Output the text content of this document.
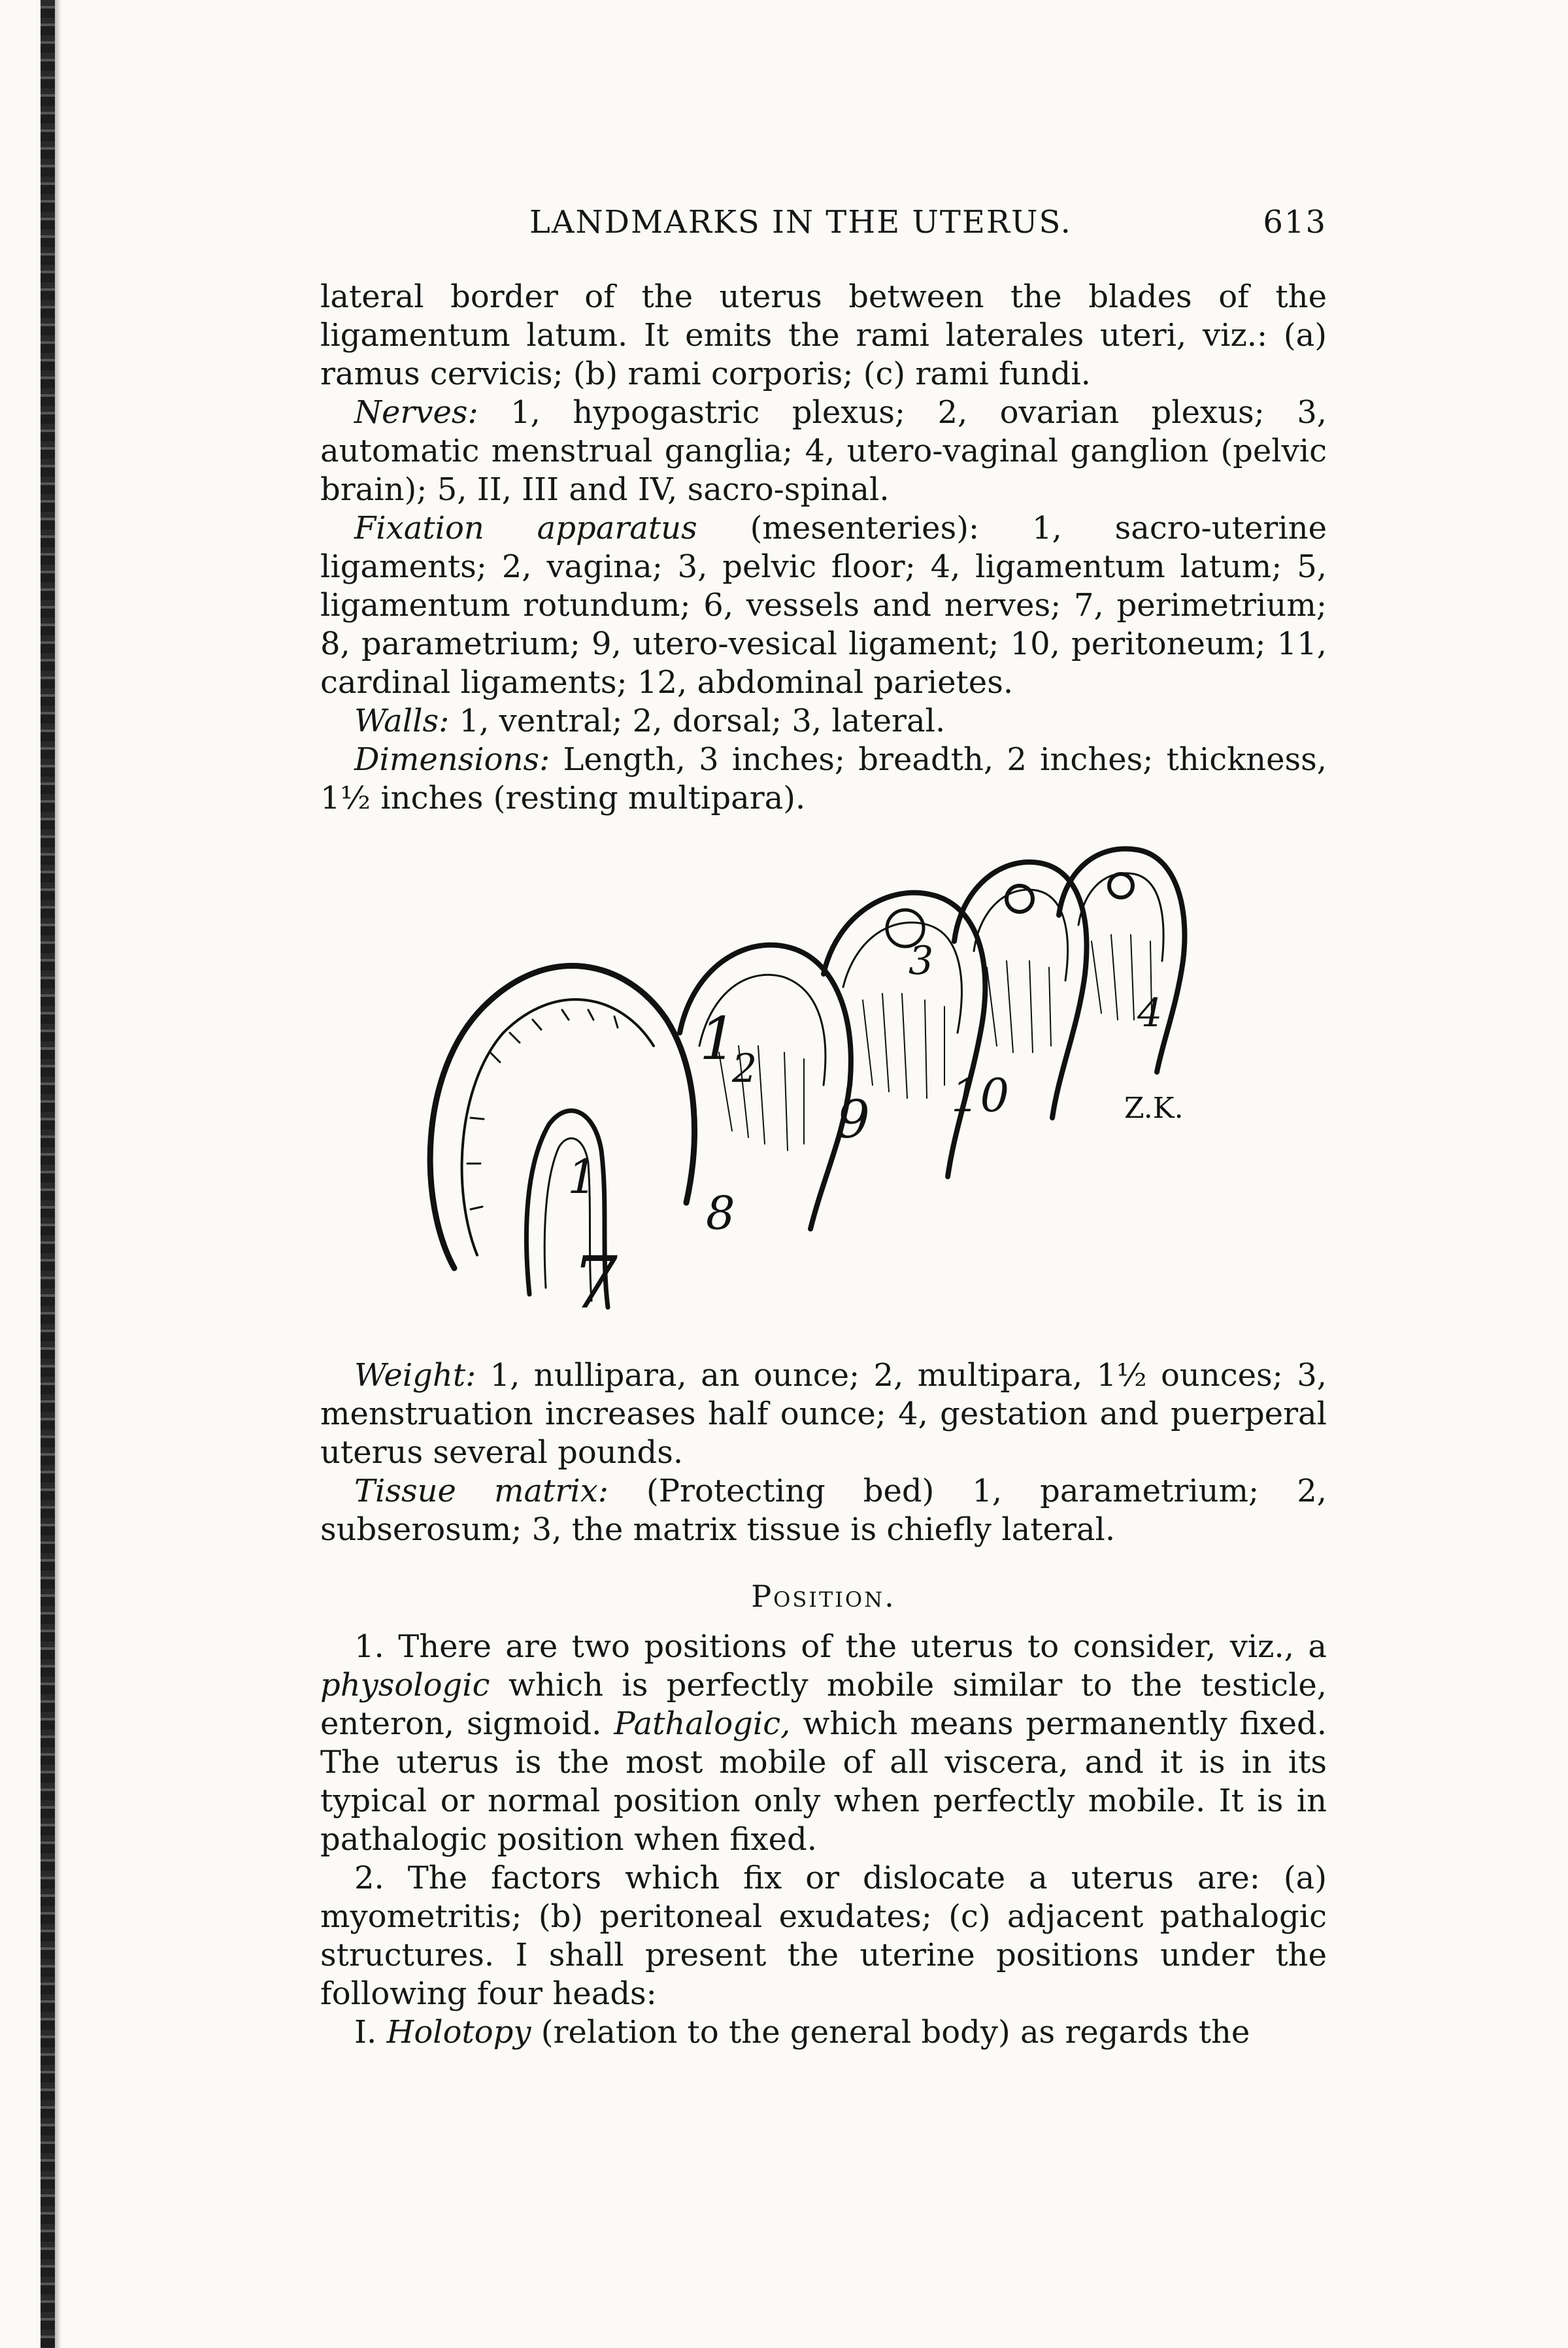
LANDMARKS IN THE UTERUS.	613

lateral border of the uterus between the blades of the ligamentum latum. It emits the rami laterales uteri, viz.: (a) ramus cervicis; (b) rami corporis; (c) rami fundi.

Nerves: 1, hypogastric plexus; 2, ovarian plexus; 3, automatic menstrual ganglia; 4, utero-vaginal ganglion (pelvic brain); 5, II, III and IV, sacro-spinal.

Fixation apparatus (mesenteries): 1, sacro-uterine ligaments; 2, vagina; 3, pelvic floor; 4, ligamentum latum; 5, ligamentum rotundum; 6, vessels and nerves; 7, perimetrium; 8, parametrium; 9, utero-vesical ligament; 10, peritoneum; 11, cardinal ligaments; 12, abdominal parietes.

Walls: 1, ventral; 2, dorsal; 3, lateral.

Dimensions: Length, 3 inches; breadth, 2 inches; thickness, 1½ inches (resting multipara).

1
7
8
1
2
9 10
3
4
Z.K.

Weight: 1, nullipara, an ounce; 2, multipara, 1½ ounces; 3, menstruation increases half ounce; 4, gestation and puerperal uterus several pounds.

Tissue matrix: (Protecting bed) 1, parametrium; 2, subserosum; 3, the matrix tissue is chiefly lateral.

Position.

1. There are two positions of the uterus to consider, viz., a physologic which is perfectly mobile similar to the testicle, enteron, sigmoid. Pathalogic, which means permanently fixed. The uterus is the most mobile of all viscera, and it is in its typical or normal position only when perfectly mobile. It is in pathalogic position when fixed.

2. The factors which fix or dislocate a uterus are: (a) myometritis; (b) peritoneal exudates; (c) adjacent pathalogic structures. I shall present the uterine positions under the following four heads:

I. Holotopy (relation to the general body) as regards the
